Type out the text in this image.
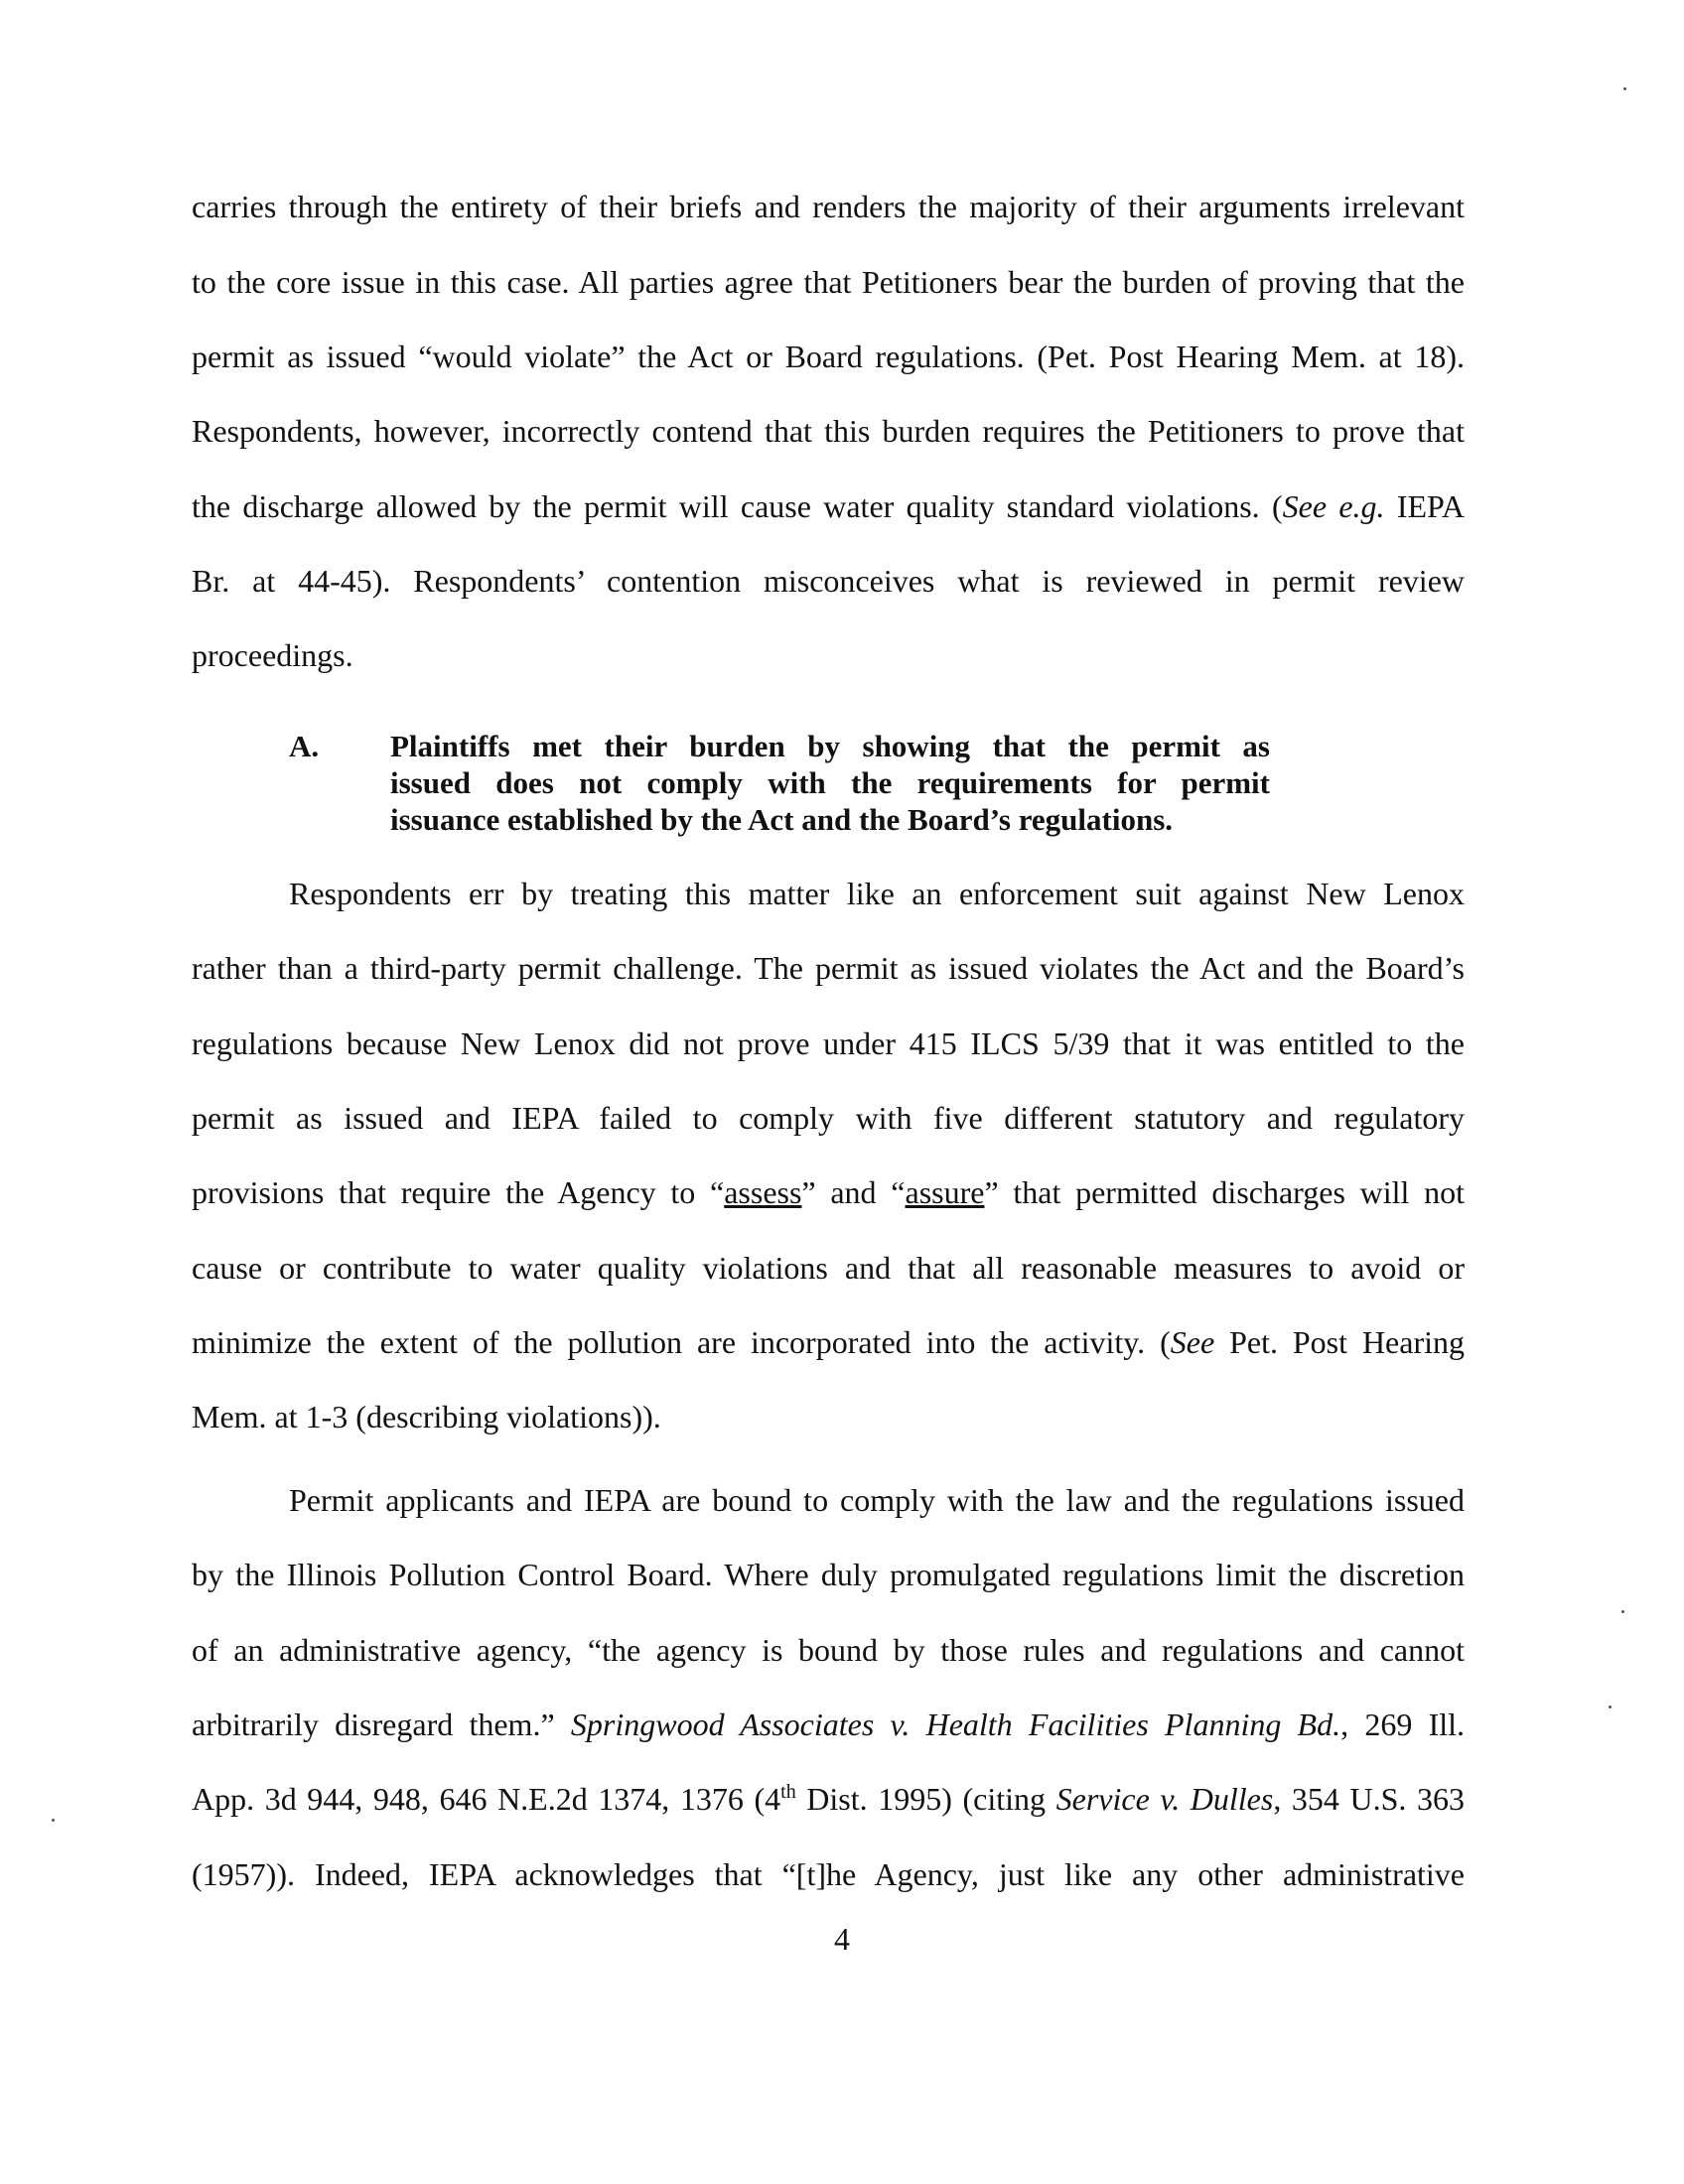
carries through the entirety of their briefs and renders the majority of their arguments irrelevant
to the core issue in this case. All parties agree that Petitioners bear the burden of proving that the
permit as issued “would violate” the Act or Board regulations. (Pet. Post Hearing Mem. at 18).
Respondents, however, incorrectly contend that this burden requires the Petitioners to prove that
the discharge allowed by the permit will cause water quality standard violations. (See e.g. IEPA
Br. at 44-45). Respondents’ contention misconceives what is reviewed in permit review
proceedings.
A. Plaintiffs met their burden by showing that the permit as
issued does not comply with the requirements for permit
issuance established by the Act and the Board’s regulations.
Respondents err by treating this matter like an enforcement suit against New Lenox
rather than a third-party permit challenge. The permit as issued violates the Act and the Board’s
regulations because New Lenox did not prove under 415 ILCS 5/39 that it was entitled to the
permit as issued and IEPA failed to comply with five different statutory and regulatory
provisions that require the Agency to “assess” and “assure” that permitted discharges will not
cause or contribute to water quality violations and that all reasonable measures to avoid or
minimize the extent of the pollution are incorporated into the activity. (See Pet. Post Hearing
Mem. at 1-3 (describing violations)).
Permit applicants and IEPA are bound to comply with the law and the regulations issued
by the Illinois Pollution Control Board. Where duly promulgated regulations limit the discretion
of an administrative agency, “the agency is bound by those rules and regulations and cannot
arbitrarily disregard them.” Springwood Associates v. Health Facilities Planning Bd., 269 Ill.
App. 3d 944, 948, 646 N.E.2d 1374, 1376 (4th Dist. 1995) (citing Service v. Dulles, 354 U.S. 363
(1957)). Indeed, IEPA acknowledges that “[t]he Agency, just like any other administrative
4
